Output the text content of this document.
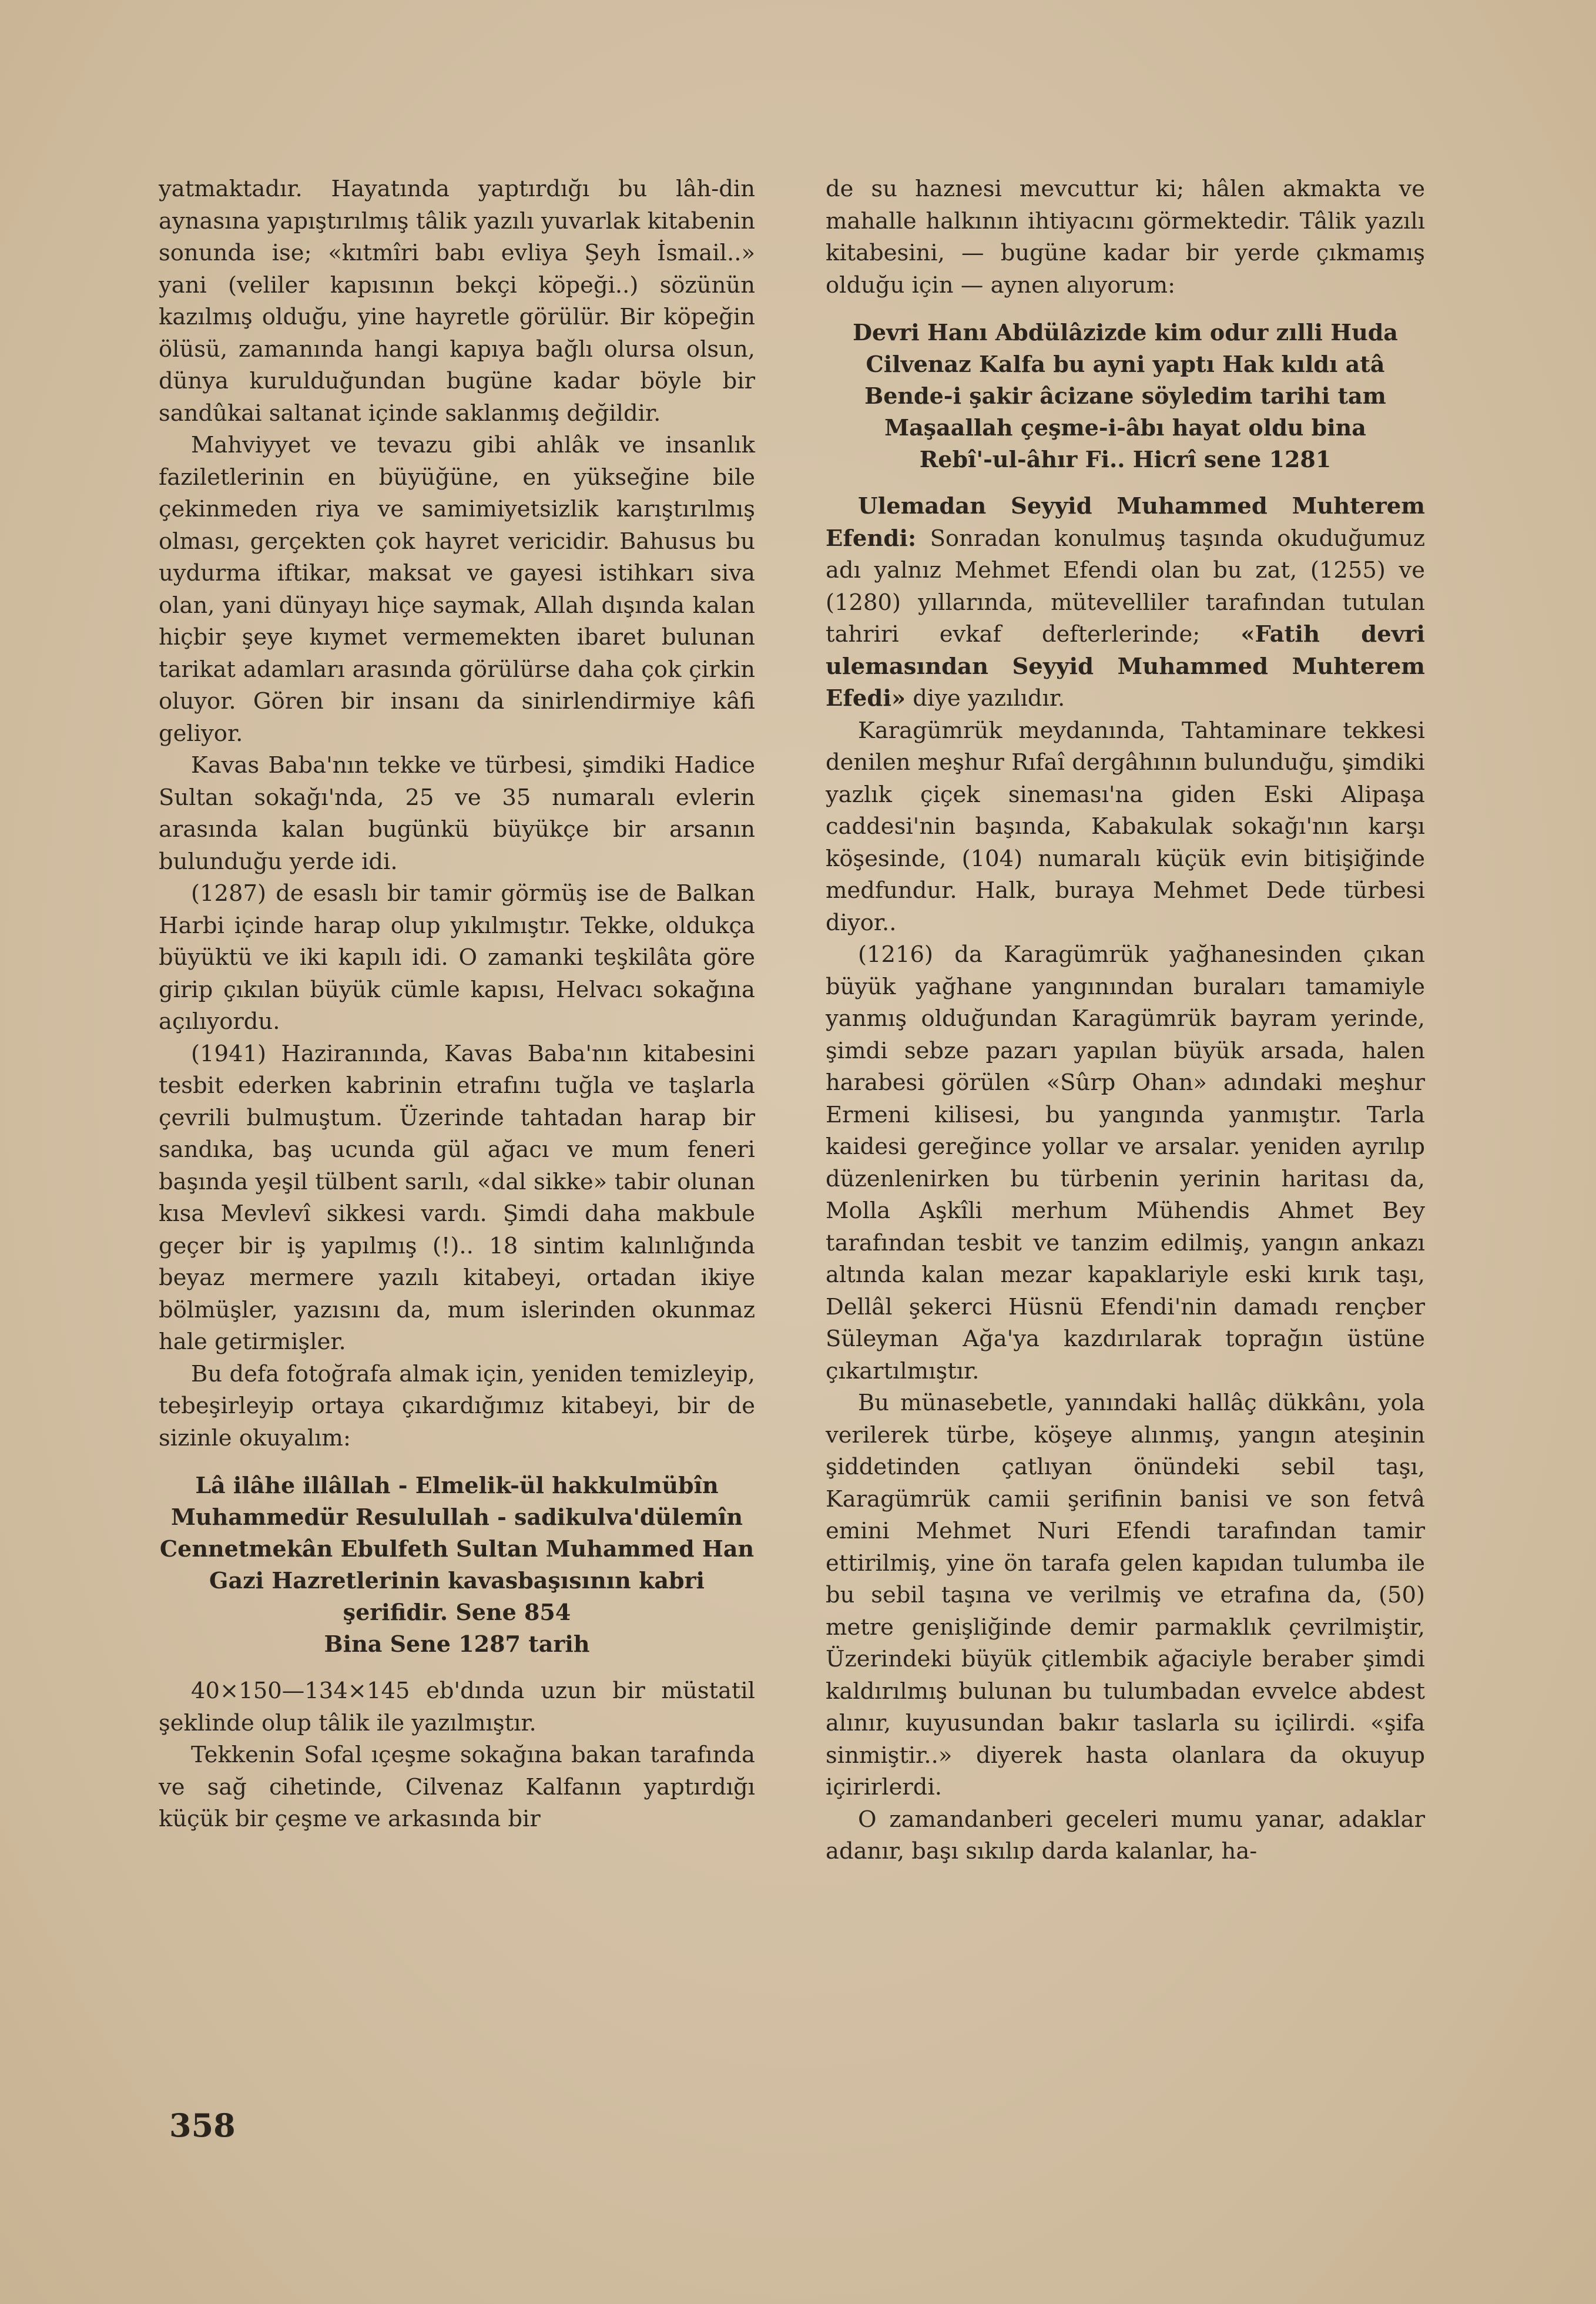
yatmaktadır. Hayatında yaptırdığı bu lâh-din aynasına yapıştırılmış tâlik yazılı yuvarlak kitabenin sonunda ise; «kıtmîri babı evliya Şeyh İsmail..» yani (veliler kapısının bekçi köpeği..) sözünün kazılmış olduğu, yine hayretle görülür. Bir köpeğin ölüsü, zamanında hangi kapıya bağlı olursa olsun, dünya kurulduğundan bugüne kadar böyle bir sandûkai saltanat içinde saklanmış değildir.

Mahviyyet ve tevazu gibi ahlâk ve insanlık faziletlerinin en büyüğüne, en yükseğine bile çekinmeden riya ve samimiyetsizlik karıştırılmış olması, gerçekten çok hayret vericidir. Bahusus bu uydurma iftikar, maksat ve gayesi istihkarı siva olan, yani dünyayı hiçe saymak, Allah dışında kalan hiçbir şeye kıymet vermemekten ibaret bulunan tarikat adamları arasında görülürse daha çok çirkin oluyor. Gören bir insanı da sinirlendirmiye kâfi geliyor.

Kavas Baba'nın tekke ve türbesi, şimdiki Hadice Sultan sokağı'nda, 25 ve 35 numaralı evlerin arasında kalan bugünkü büyükçe bir arsanın bulunduğu yerde idi.

(1287) de esaslı bir tamir görmüş ise de Balkan Harbi içinde harap olup yıkılmıştır. Tekke, oldukça büyüktü ve iki kapılı idi. O zamanki teşkilâta göre girip çıkılan büyük cümle kapısı, Helvacı sokağına açılıyordu.

(1941) Haziranında, Kavas Baba'nın kitabesini tesbit ederken kabrinin etrafını tuğla ve taşlarla çevrili bulmuştum. Üzerinde tahtadan harap bir sandıka, baş ucunda gül ağacı ve mum feneri başında yeşil tülbent sarılı, «dal sikke» tabir olunan kısa Mevlevî sikkesi vardı. Şimdi daha makbule geçer bir iş yapılmış (!).. 18 sintim kalınlığında beyaz mermere yazılı kitabeyi, ortadan ikiye bölmüşler, yazısını da, mum islerinden okunmaz hale getirmişler.

Bu defa fotoğrafa almak için, yeniden temizleyip, tebeşirleyip ortaya çıkardığımız kitabeyi, bir de sizinle okuyalım:

Lâ ilâhe illâllah - Elmelik-ül hakkulmübîn
Muhammedür Resulullah - sadikulva'dülemîn
Cennetmekân Ebulfeth Sultan Muhammed Han
Gazi Hazretlerinin kavasbaşısının kabri
şerifidir. Sene 854
Bina Sene 1287 tarih

40×150—134×145 eb'dında uzun bir müstatil şeklinde olup tâlik ile yazılmıştır.

Tekkenin Sofal ıçeşme sokağına bakan tarafında ve sağ cihetinde, Cilvenaz Kalfanın yaptırdığı küçük bir çeşme ve arkasında bir

de su haznesi mevcuttur ki; hâlen akmakta ve mahalle halkının ihtiyacını görmektedir. Tâlik yazılı kitabesini, — bugüne kadar bir yerde çıkmamış olduğu için — aynen alıyorum:

Devri Hanı Abdülâzizde kim odur zılli Huda
Cilvenaz Kalfa bu ayni yaptı Hak kıldı atâ
Bende-i şakir âcizane söyledim tarihi tam
Maşaallah çeşme-i-âbı hayat oldu bina
Rebî'-ul-âhır Fi.. Hicrî sene 1281

Ulemadan Seyyid Muhammed Muhterem Efendi: Sonradan konulmuş taşında okuduğumuz adı yalnız Mehmet Efendi olan bu zat, (1255) ve (1280) yıllarında, mütevelliler tarafından tutulan tahriri evkaf defterlerinde; «Fatih devri ulemasından Seyyid Muhammed Muhterem Efedi» diye yazılıdır.

Karagümrük meydanında, Tahtaminare tekkesi denilen meşhur Rıfaî dergâhının bulunduğu, şimdiki yazlık çiçek sineması'na giden Eski Alipaşa caddesi'nin başında, Kabakulak sokağı'nın karşı köşesinde, (104) numaralı küçük evin bitişiğinde medfundur. Halk, buraya Mehmet Dede türbesi diyor..

(1216) da Karagümrük yağhanesinden çıkan büyük yağhane yangınından buraları tamamiyle yanmış olduğundan Karagümrük bayram yerinde, şimdi sebze pazarı yapılan büyük arsada, halen harabesi görülen «Sûrp Ohan» adındaki meşhur Ermeni kilisesi, bu yangında yanmıştır. Tarla kaidesi gereğince yollar ve arsalar. yeniden ayrılıp düzenlenirken bu türbenin yerinin haritası da, Molla Aşkîli merhum Mühendis Ahmet Bey tarafından tesbit ve tanzim edilmiş, yangın ankazı altında kalan mezar kapaklariyle eski kırık taşı, Dellâl şekerci Hüsnü Efendi'nin damadı rençber Süleyman Ağa'ya kazdırılarak toprağın üstüne çıkartılmıştır.

Bu münasebetle, yanındaki hallâç dükkânı, yola verilerek türbe, köşeye alınmış, yangın ateşinin şiddetinden çatlıyan önündeki sebil taşı, Karagümrük camii şerifinin banisi ve son fetvâ emini Mehmet Nuri Efendi tarafından tamir ettirilmiş, yine ön tarafa gelen kapıdan tulumba ile bu sebil taşına ve verilmiş ve etrafına da, (50) metre genişliğinde demir parmaklık çevrilmiştir, Üzerindeki büyük çitlembik ağaciyle beraber şimdi kaldırılmış bulunan bu tulumbadan evvelce abdest alınır, kuyusundan bakır taslarla su içilirdi. «şifa sinmiştir..» diyerek hasta olanlara da okuyup içirirlerdi.

O zamandanberi geceleri mumu yanar, adaklar adanır, başı sıkılıp darda kalanlar, ha-

358
